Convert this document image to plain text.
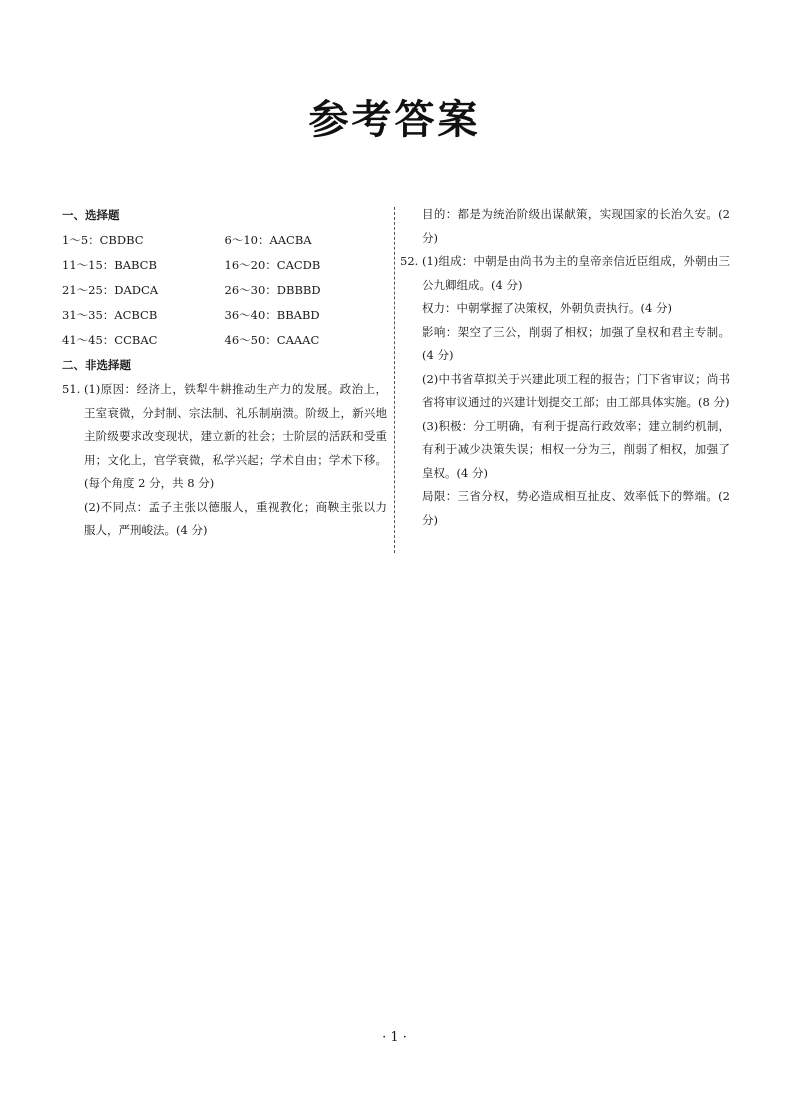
参考答案
一、选择题
1～5：CBDBC	6～10：AACBA
11～15：BABCB	16～20：CACDB
21～25：DADCA	26～30：DBBBD
31～35：ACBCB	36～40：BBABD
41～45：CCBAC	46～50：CAAAC
二、非选择题
51. (1)原因：经济上，铁犁牛耕推动生产力的发展。政治上，王室衰微，分封制、宗法制、礼乐制崩溃。阶级上，新兴地主阶级要求改变现状，建立新的社会；士阶层的活跃和受重用；文化上，官学衰微，私学兴起；学术自由；学术下移。(每个角度 2 分，共 8 分)

(2)不同点：孟子主张以德服人，重视教化；商鞅主张以力服人，严刑峻法。(4 分)

目的：都是为统治阶级出谋献策，实现国家的长治久安。(2 分)

52. (1)组成：中朝是由尚书为主的皇帝亲信近臣组成，外朝由三公九卿组成。(4 分)

权力：中朝掌握了决策权，外朝负责执行。(4 分)

影响：架空了三公，削弱了相权；加强了皇权和君主专制。(4 分)

(2)中书省草拟关于兴建此项工程的报告；门下省审议；尚书省将审议通过的兴建计划提交工部；由工部具体实施。(8 分)

(3)积极：分工明确，有利于提高行政效率；建立制约机制，有利于减少决策失误；相权一分为三，削弱了相权，加强了皇权。(4 分)

局限：三省分权，势必造成相互扯皮、效率低下的弊端。(2 分)

· 1 ·
